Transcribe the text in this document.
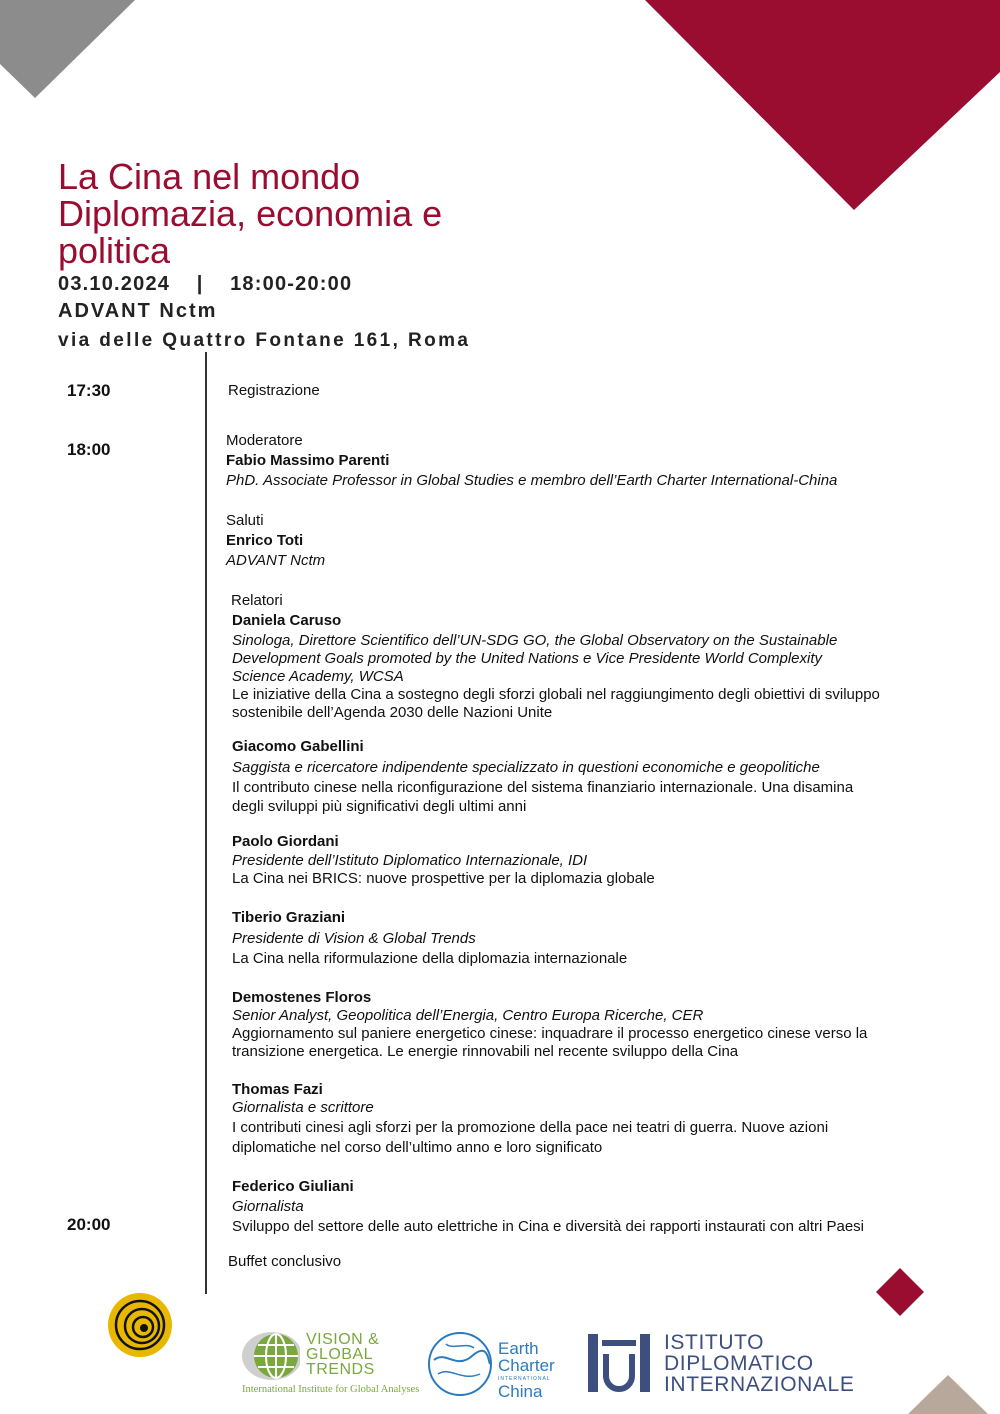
La Cina nel mondo
Diplomazia, economia e
politica
03.10.2024 | 18:00-20:00
ADVANT Nctm
via delle Quattro Fontane 161, Roma
17:30
18:00
20:00
Registrazione
Moderatore
Fabio Massimo Parenti
PhD. Associate Professor in Global Studies e membro dell’Earth Charter International-China
Saluti
Enrico Toti
ADVANT Nctm
Relatori
Daniela Caruso
Sinologa, Direttore Scientifico dell’UN-SDG GO, the Global Observatory on the Sustainable
Development Goals promoted by the United Nations e Vice Presidente World Complexity
Science Academy, WCSA
Le iniziative della Cina a sostegno degli sforzi globali nel raggiungimento degli obiettivi di sviluppo
sostenibile dell’Agenda 2030 delle Nazioni Unite
Giacomo Gabellini
Saggista e ricercatore indipendente specializzato in questioni economiche e geopolitiche
Il contributo cinese nella riconfigurazione del sistema finanziario internazionale. Una disamina
degli sviluppi più significativi degli ultimi anni
Paolo Giordani
Presidente dell’Istituto Diplomatico Internazionale, IDI
La Cina nei BRICS: nuove prospettive per la diplomazia globale
Tiberio Graziani
Presidente di Vision & Global Trends
La Cina nella riformulazione della diplomazia internazionale
Demostenes Floros
Senior Analyst, Geopolitica dell’Energia, Centro Europa Ricerche, CER
Aggiornamento sul paniere energetico cinese: inquadrare il processo energetico cinese verso la
transizione energetica. Le energie rinnovabili nel recente sviluppo della Cina
Thomas Fazi
Giornalista e scrittore
I contributi cinesi agli sforzi per la promozione della pace nei teatri di guerra. Nuove azioni
diplomatiche nel corso dell’ultimo anno e loro significato
Federico Giuliani
Giornalista
Sviluppo del settore delle auto elettriche in Cina e diversità dei rapporti instaurati con altri Paesi
Buffet conclusivo
VISION &
GLOBAL
TRENDS
International Institute for Global Analyses
Earth
Charter
INTERNATIONAL
China
ISTITUTO
DIPLOMATICO
INTERNAZIONALE
